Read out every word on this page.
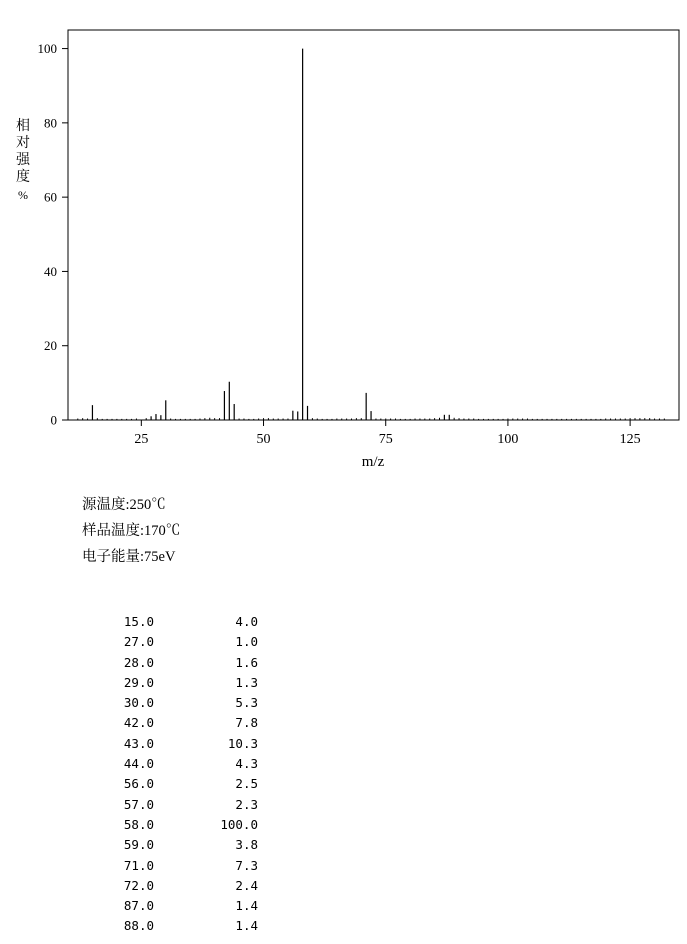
0
20
40
60
80
100
25	50	75	100	125
m/z
相
对
强
度
%
源温度:250℃
样品温度:170℃
电子能量:75eV
15.0	4.0
27.0	1.0
28.0	1.6
29.0	1.3
30.0	5.3
42.0	7.8
43.0	10.3
44.0	4.3
56.0	2.5
57.0	2.3
58.0	100.0
59.0	3.8
71.0	7.3
72.0	2.4
87.0	1.4
88.0	1.4
